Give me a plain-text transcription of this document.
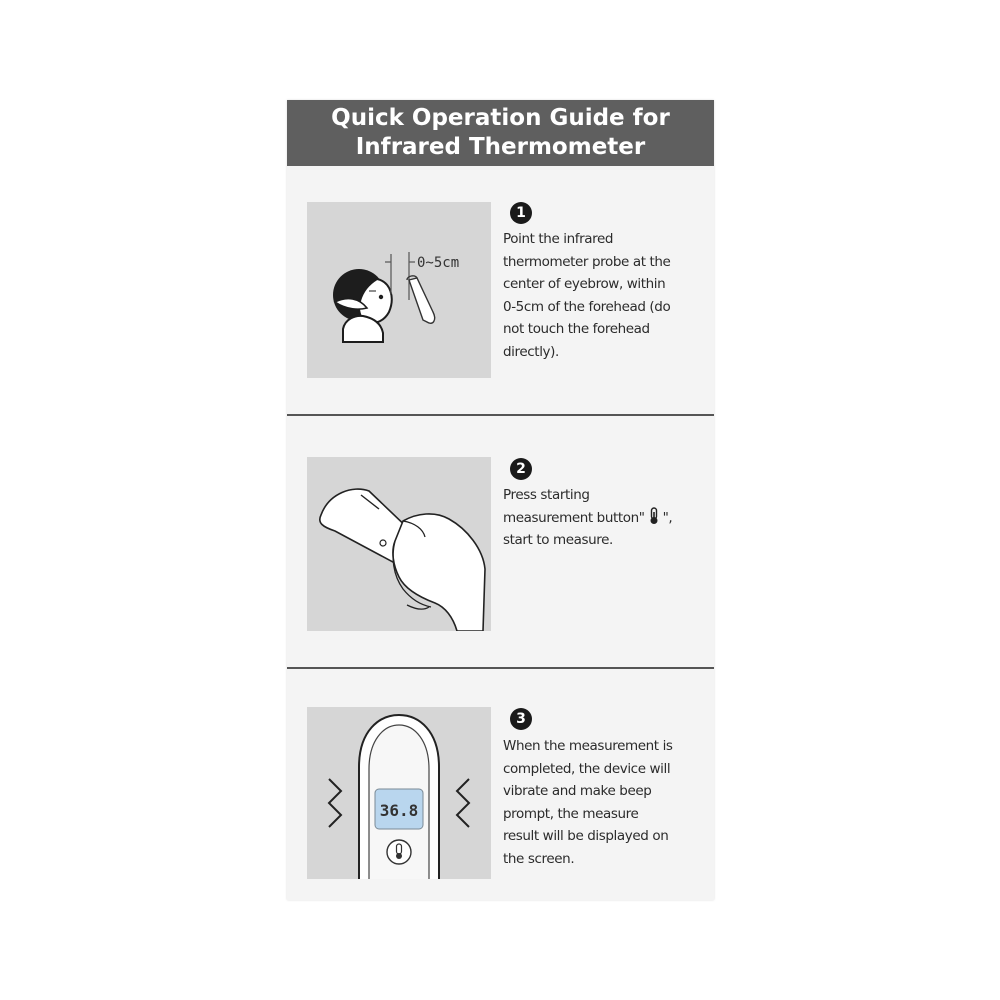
Quick Operation Guide for
Infrared Thermometer
0~5cm
1
Point the infrared
thermometer probe at the
center of eyebrow, within
0-5cm of the forehead (do
not touch the forehead
directly).
2
Press starting
measurement button" ",
start to measure.
36.8
3
When the measurement is
completed, the device will
vibrate and make beep
prompt, the measure
result will be displayed on
the screen.
